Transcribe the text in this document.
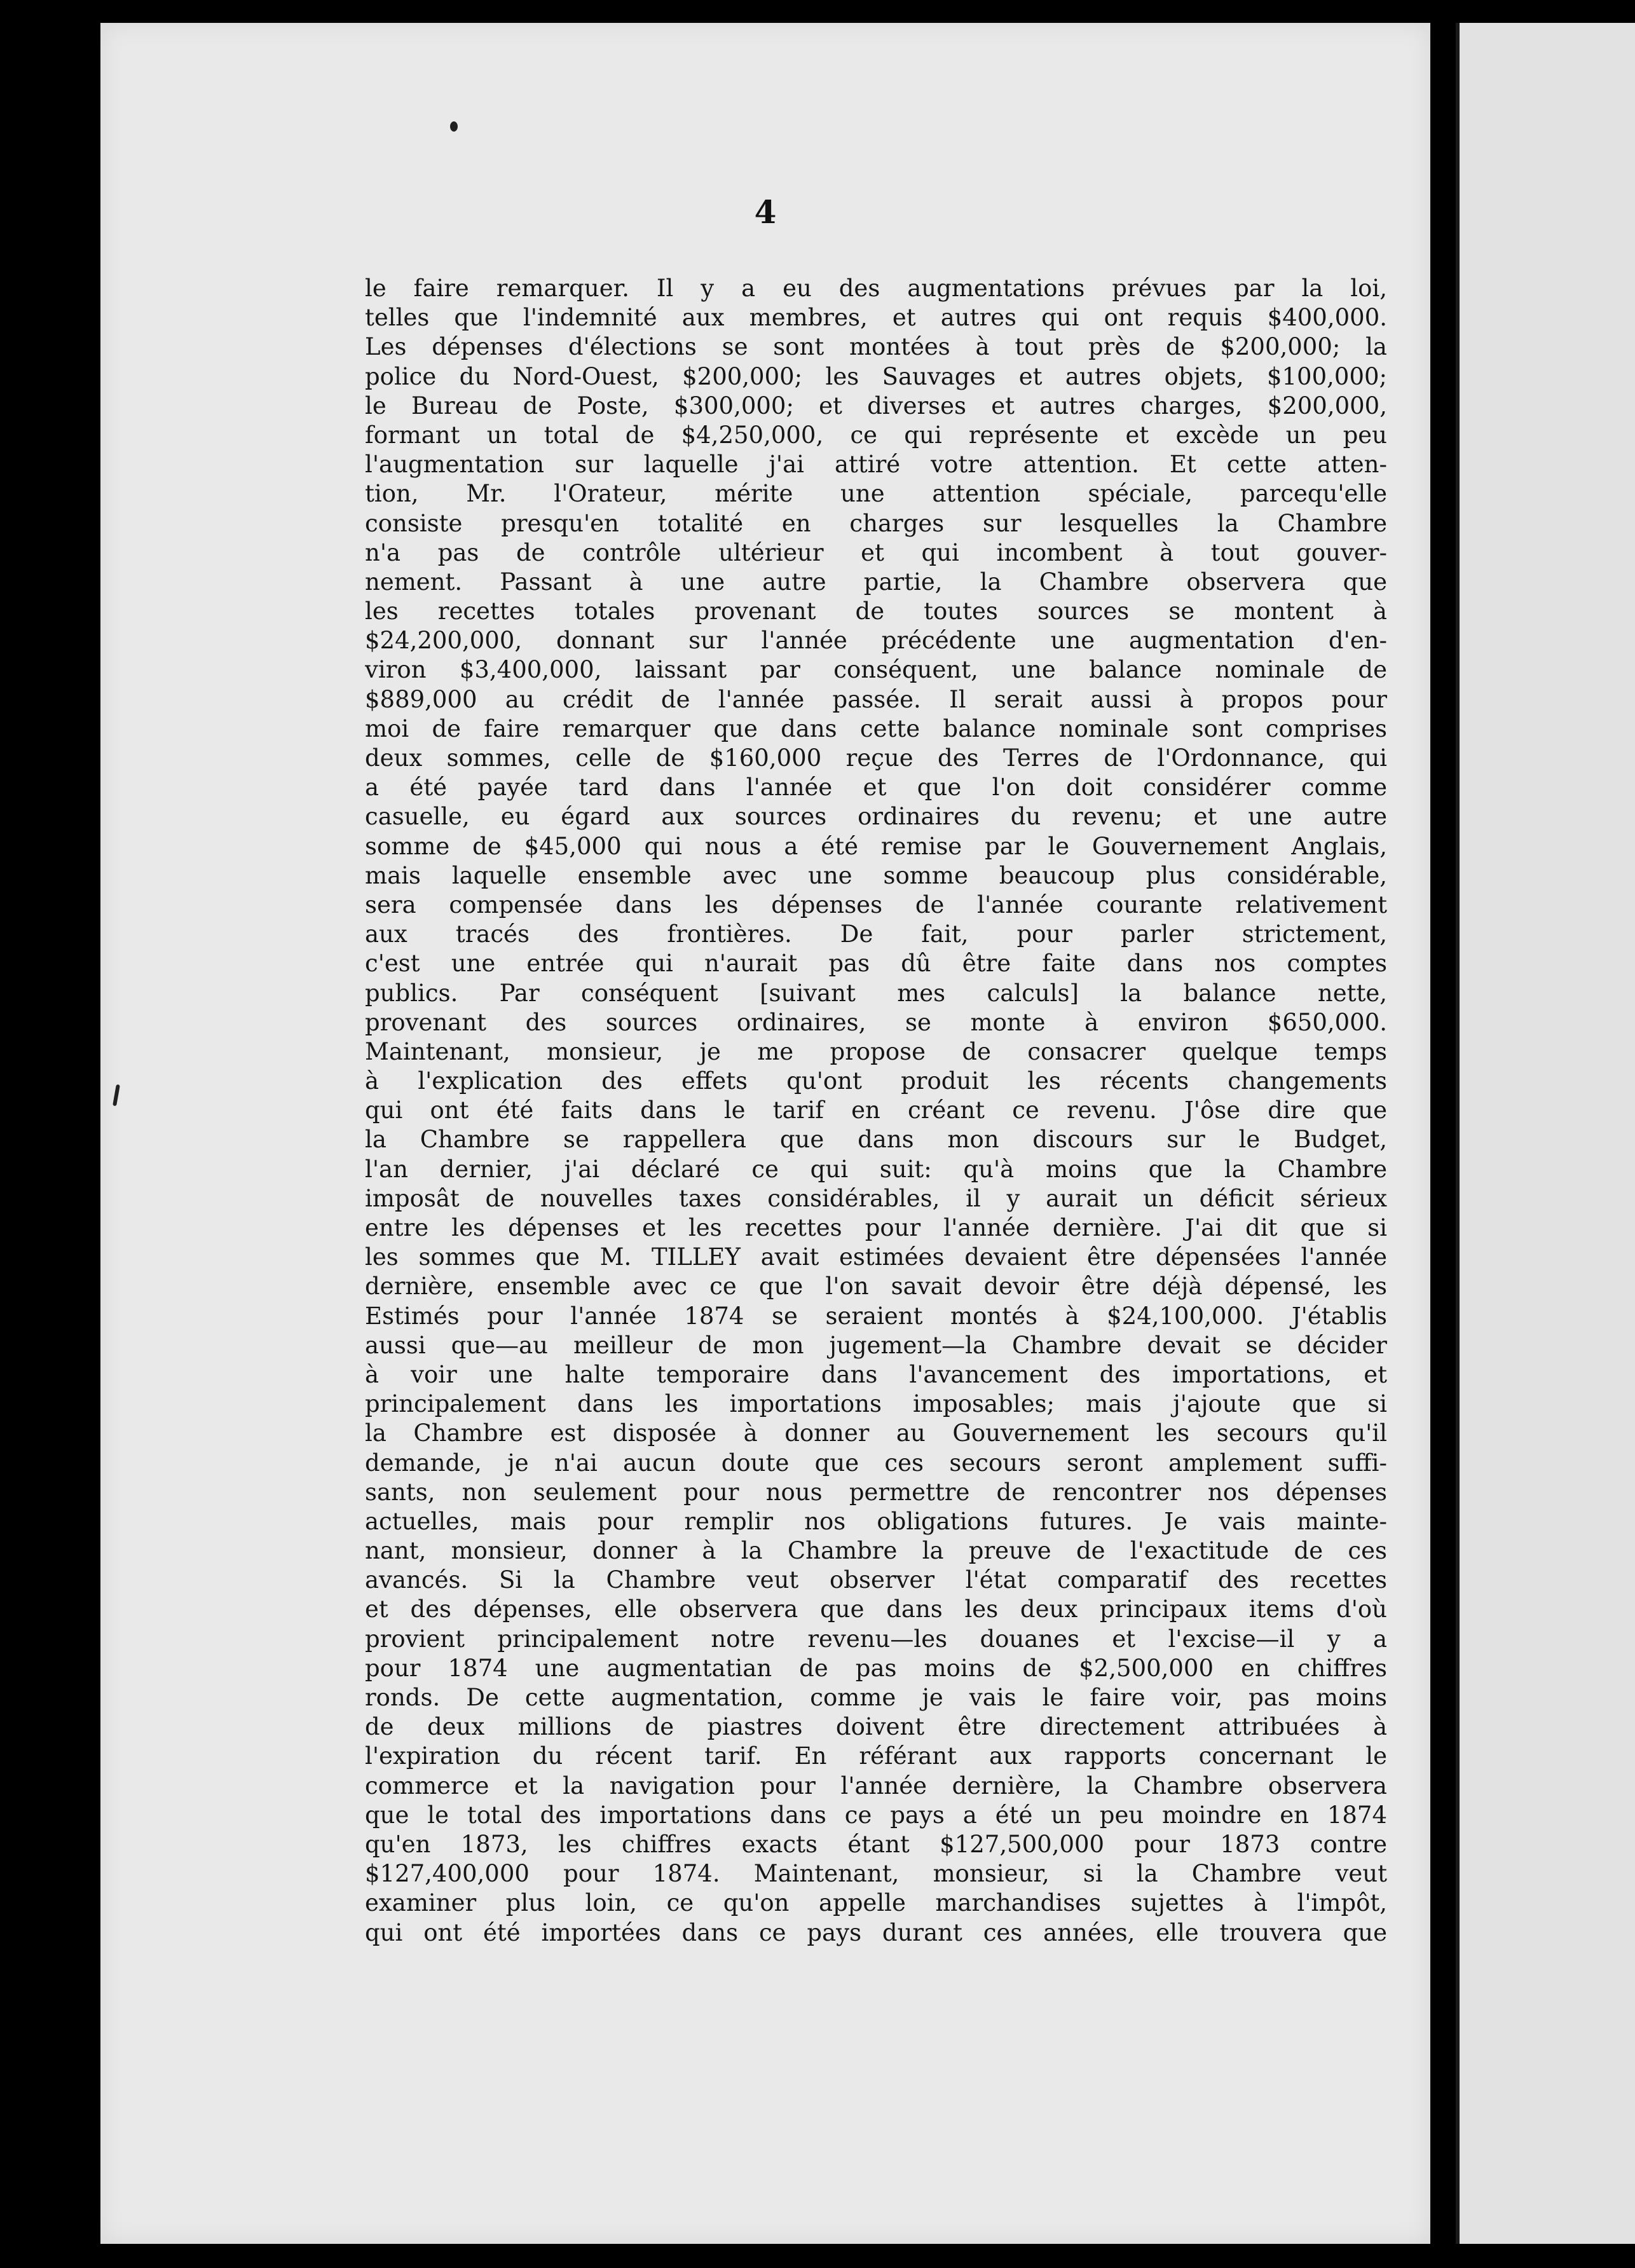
4
le faire remarquer. Il y a eu des augmentations prévues par la loi,
telles que l'indemnité aux membres, et autres qui ont requis $400,000.
Les dépenses d'élections se sont montées à tout près de $200,000; la
police du Nord-Ouest, $200,000; les Sauvages et autres objets, $100,000;
le Bureau de Poste, $300,000; et diverses et autres charges, $200,000,
formant un total de $4,250,000, ce qui représente et excède un peu
l'augmentation sur laquelle j'ai attiré votre attention. Et cette atten-
tion, Mr. l'Orateur, mérite une attention spéciale, parcequ'elle
consiste presqu'en totalité en charges sur lesquelles la Chambre
n'a pas de contrôle ultérieur et qui incombent à tout gouver-
nement. Passant à une autre partie, la Chambre observera que
les recettes totales provenant de toutes sources se montent à
$24,200,000, donnant sur l'année précédente une augmentation d'en-
viron $3,400,000, laissant par conséquent, une balance nominale de
$889,000 au crédit de l'année passée. Il serait aussi à propos pour
moi de faire remarquer que dans cette balance nominale sont comprises
deux sommes, celle de $160,000 reçue des Terres de l'Ordonnance, qui
a été payée tard dans l'année et que l'on doit considérer comme
casuelle, eu égard aux sources ordinaires du revenu; et une autre
somme de $45,000 qui nous a été remise par le Gouvernement Anglais,
mais laquelle ensemble avec une somme beaucoup plus considérable,
sera compensée dans les dépenses de l'année courante relativement
aux tracés des frontières. De fait, pour parler strictement,
c'est une entrée qui n'aurait pas dû être faite dans nos comptes
publics. Par conséquent [suivant mes calculs] la balance nette,
provenant des sources ordinaires, se monte à environ $650,000.
Maintenant, monsieur, je me propose de consacrer quelque temps
à l'explication des effets qu'ont produit les récents changements
qui ont été faits dans le tarif en créant ce revenu. J'ôse dire que
la Chambre se rappellera que dans mon discours sur le Budget,
l'an dernier, j'ai déclaré ce qui suit: qu'à moins que la Chambre
imposât de nouvelles taxes considérables, il y aurait un déficit sérieux
entre les dépenses et les recettes pour l'année dernière. J'ai dit que si
les sommes que M. TILLEY avait estimées devaient être dépensées l'année
dernière, ensemble avec ce que l'on savait devoir être déjà dépensé, les
Estimés pour l'année 1874 se seraient montés à $24,100,000. J'établis
aussi que—au meilleur de mon jugement—la Chambre devait se décider
à voir une halte temporaire dans l'avancement des importations, et
principalement dans les importations imposables; mais j'ajoute que si
la Chambre est disposée à donner au Gouvernement les secours qu'il
demande, je n'ai aucun doute que ces secours seront amplement suffi-
sants, non seulement pour nous permettre de rencontrer nos dépenses
actuelles, mais pour remplir nos obligations futures. Je vais mainte-
nant, monsieur, donner à la Chambre la preuve de l'exactitude de ces
avancés. Si la Chambre veut observer l'état comparatif des recettes
et des dépenses, elle observera que dans les deux principaux items d'où
provient principalement notre revenu—les douanes et l'excise—il y a
pour 1874 une augmentatian de pas moins de $2,500,000 en chiffres
ronds. De cette augmentation, comme je vais le faire voir, pas moins
de deux millions de piastres doivent être directement attribuées à
l'expiration du récent tarif. En référant aux rapports concernant le
commerce et la navigation pour l'année dernière, la Chambre observera
que le total des importations dans ce pays a été un peu moindre en 1874
qu'en 1873, les chiffres exacts étant $127,500,000 pour 1873 contre
$127,400,000 pour 1874. Maintenant, monsieur, si la Chambre veut
examiner plus loin, ce qu'on appelle marchandises sujettes à l'impôt,
qui ont été importées dans ce pays durant ces années, elle trouvera que
